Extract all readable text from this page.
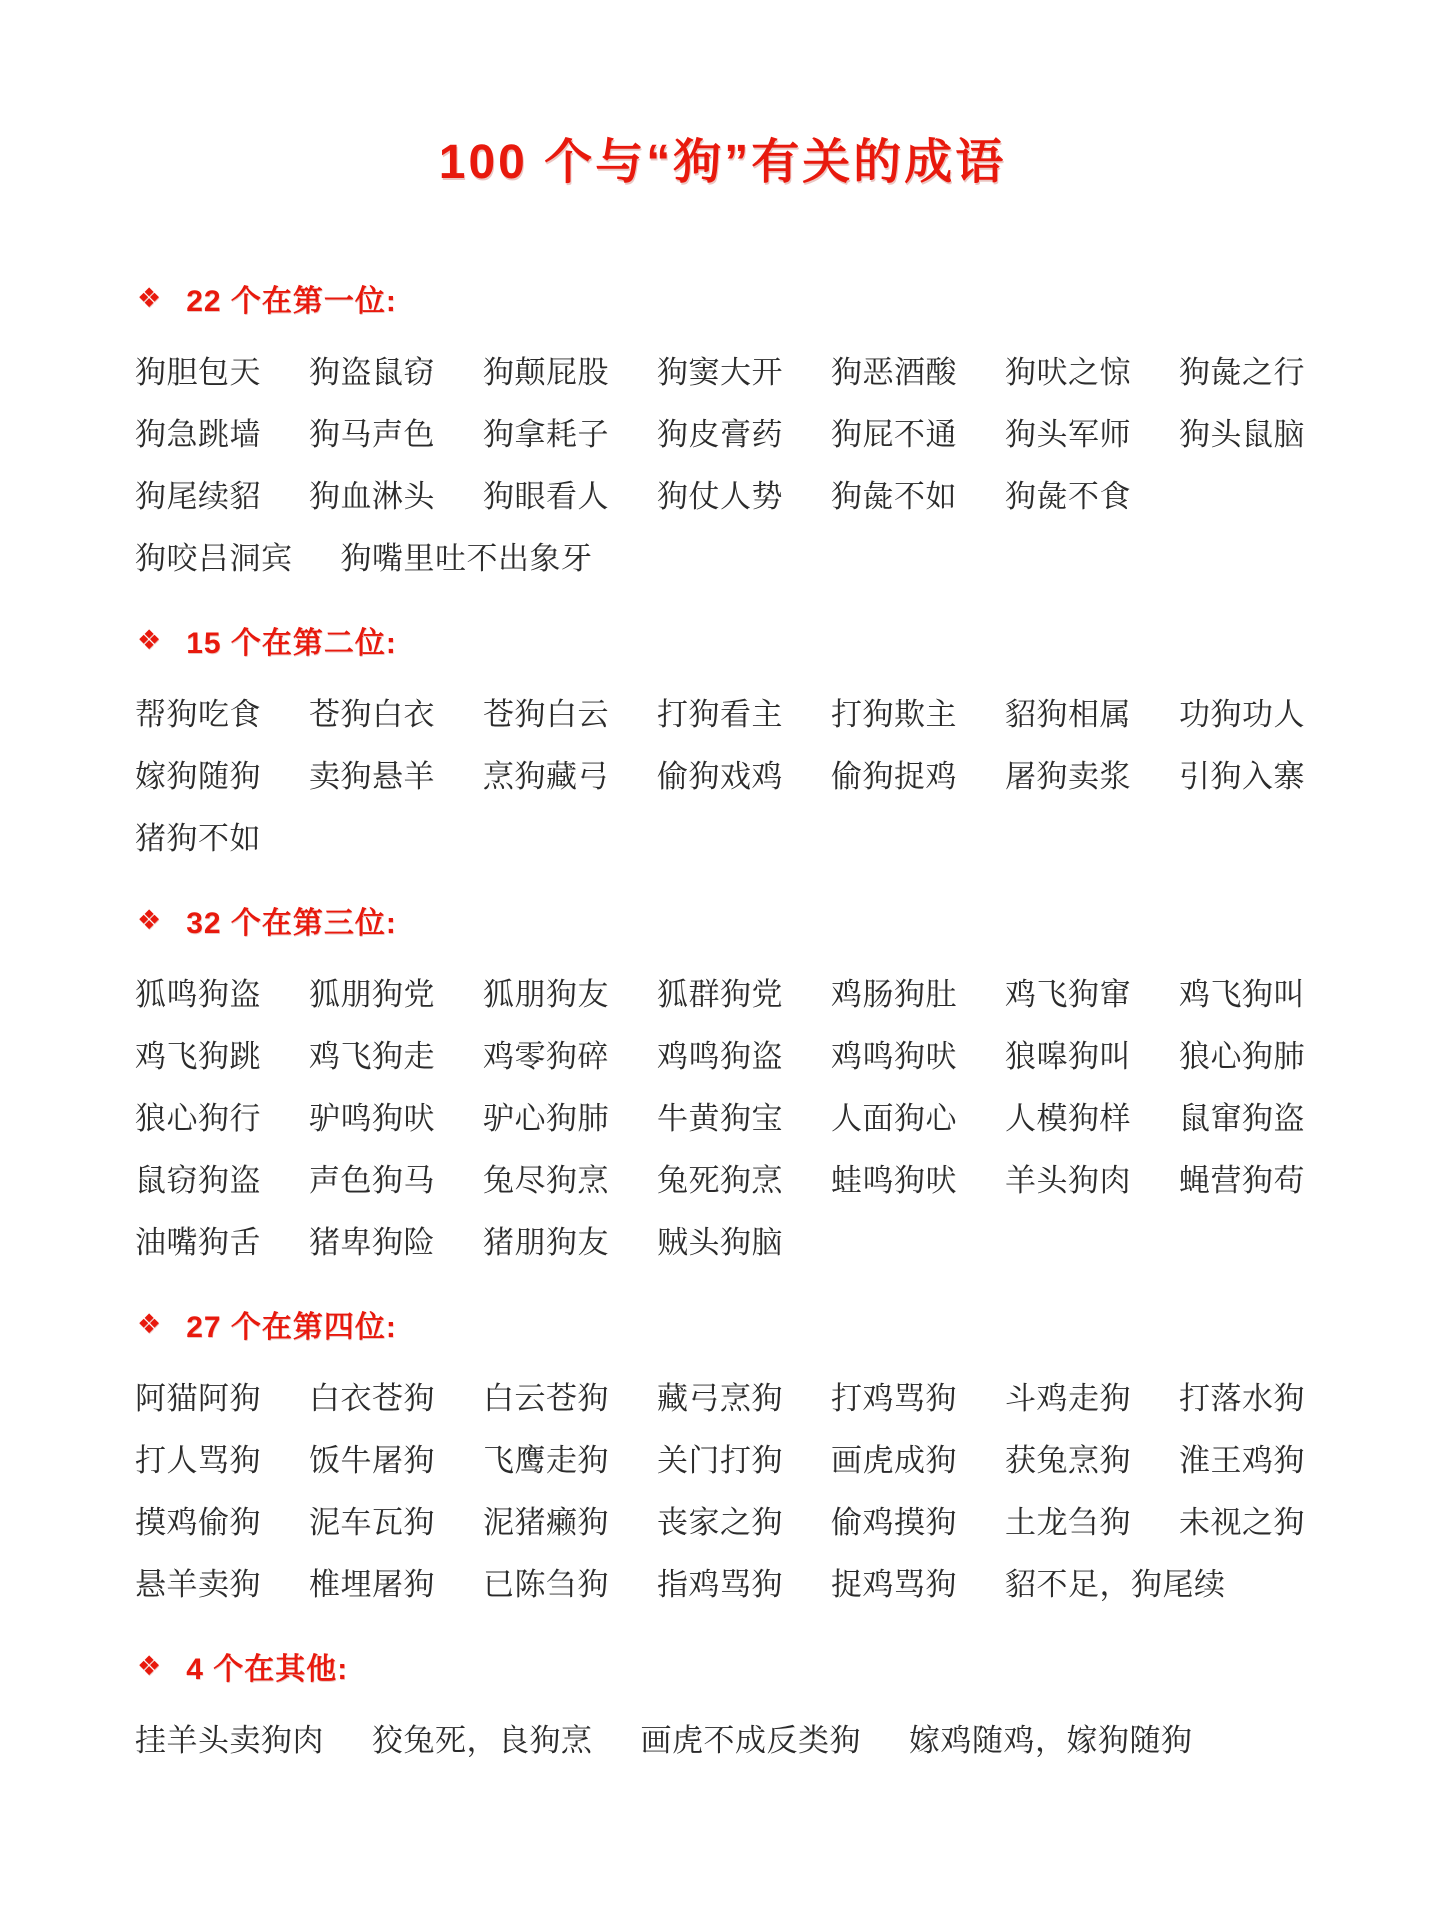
100 个与“狗”有关的成语
❖ 22 个在第一位:
狗胆包天 狗盗鼠窃 狗颠屁股 狗窦大开 狗恶酒酸 狗吠之惊 狗彘之行
狗急跳墙 狗马声色 狗拿耗子 狗皮膏药 狗屁不通 狗头军师 狗头鼠脑
狗尾续貂 狗血淋头 狗眼看人 狗仗人势 狗彘不如 狗彘不食
狗咬吕洞宾 狗嘴里吐不出象牙
❖ 15 个在第二位:
帮狗吃食 苍狗白衣 苍狗白云 打狗看主 打狗欺主 貂狗相属 功狗功人
嫁狗随狗 卖狗悬羊 烹狗藏弓 偷狗戏鸡 偷狗捉鸡 屠狗卖浆 引狗入寨
猪狗不如
❖ 32 个在第三位:
狐鸣狗盗 狐朋狗党 狐朋狗友 狐群狗党 鸡肠狗肚 鸡飞狗窜 鸡飞狗叫
鸡飞狗跳 鸡飞狗走 鸡零狗碎 鸡鸣狗盗 鸡鸣狗吠 狼嗥狗叫 狼心狗肺
狼心狗行 驴鸣狗吠 驴心狗肺 牛黄狗宝 人面狗心 人模狗样 鼠窜狗盗
鼠窃狗盗 声色狗马 兔尽狗烹 兔死狗烹 蛙鸣狗吠 羊头狗肉 蝇营狗苟
油嘴狗舌 猪卑狗险 猪朋狗友 贼头狗脑
❖ 27 个在第四位:
阿猫阿狗 白衣苍狗 白云苍狗 藏弓烹狗 打鸡骂狗 斗鸡走狗 打落水狗
打人骂狗 饭牛屠狗 飞鹰走狗 关门打狗 画虎成狗 获兔烹狗 淮王鸡狗
摸鸡偷狗 泥车瓦狗 泥猪癞狗 丧家之狗 偷鸡摸狗 土龙刍狗 未视之狗
悬羊卖狗 椎埋屠狗 已陈刍狗 指鸡骂狗 捉鸡骂狗 貂不足，狗尾续
❖ 4 个在其他:
挂羊头卖狗肉 狡兔死，良狗烹 画虎不成反类狗 嫁鸡随鸡，嫁狗随狗
